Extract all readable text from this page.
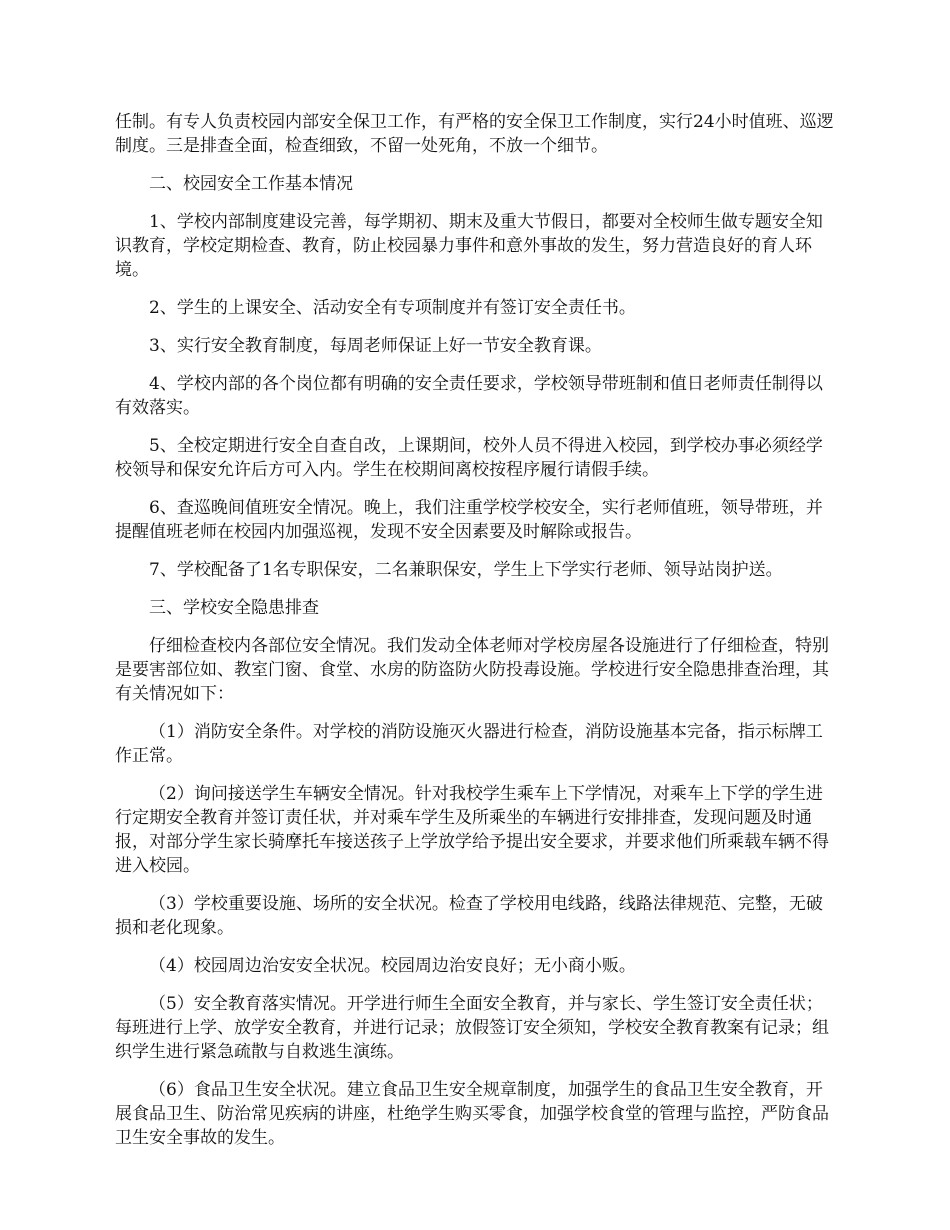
任制。有专人负责校园内部安全保卫工作，有严格的安全保卫工作制度，实行24小时值班、巡逻制度。三是排查全面，检查细致，不留一处死角，不放一个细节。

二、校园安全工作基本情况

1、学校内部制度建设完善，每学期初、期末及重大节假日，都要对全校师生做专题安全知识教育，学校定期检查、教育，防止校园暴力事件和意外事故的发生，努力营造良好的育人环境。

2、学生的上课安全、活动安全有专项制度并有签订安全责任书。

3、实行安全教育制度，每周老师保证上好一节安全教育课。

4、学校内部的各个岗位都有明确的安全责任要求，学校领导带班制和值日老师责任制得以有效落实。

5、全校定期进行安全自查自改，上课期间，校外人员不得进入校园，到学校办事必须经学校领导和保安允许后方可入内。学生在校期间离校按程序履行请假手续。

6、查巡晚间值班安全情况。晚上，我们注重学校学校安全，实行老师值班，领导带班，并提醒值班老师在校园内加强巡视，发现不安全因素要及时解除或报告。

7、学校配备了1名专职保安，二名兼职保安，学生上下学实行老师、领导站岗护送。

三、学校安全隐患排查

仔细检查校内各部位安全情况。我们发动全体老师对学校房屋各设施进行了仔细检查，特别是要害部位如、教室门窗、食堂、水房的防盗防火防投毒设施。学校进行安全隐患排查治理，其有关情况如下：

（1）消防安全条件。对学校的消防设施灭火器进行检查，消防设施基本完备，指示标牌工作正常。

（2）询问接送学生车辆安全情况。针对我校学生乘车上下学情况，对乘车上下学的学生进行定期安全教育并签订责任状，并对乘车学生及所乘坐的车辆进行安排排查，发现问题及时通报，对部分学生家长骑摩托车接送孩子上学放学给予提出安全要求，并要求他们所乘载车辆不得进入校园。

（3）学校重要设施、场所的安全状况。检查了学校用电线路，线路法律规范、完整，无破损和老化现象。

（4）校园周边治安安全状况。校园周边治安良好；无小商小贩。

（5）安全教育落实情况。开学进行师生全面安全教育，并与家长、学生签订安全责任状；每班进行上学、放学安全教育，并进行记录；放假签订安全须知，学校安全教育教案有记录；组织学生进行紧急疏散与自救逃生演练。

（6）食品卫生安全状况。建立食品卫生安全规章制度，加强学生的食品卫生安全教育，开展食品卫生、防治常见疾病的讲座，杜绝学生购买零食，加强学校食堂的管理与监控，严防食品卫生安全事故的发生。
